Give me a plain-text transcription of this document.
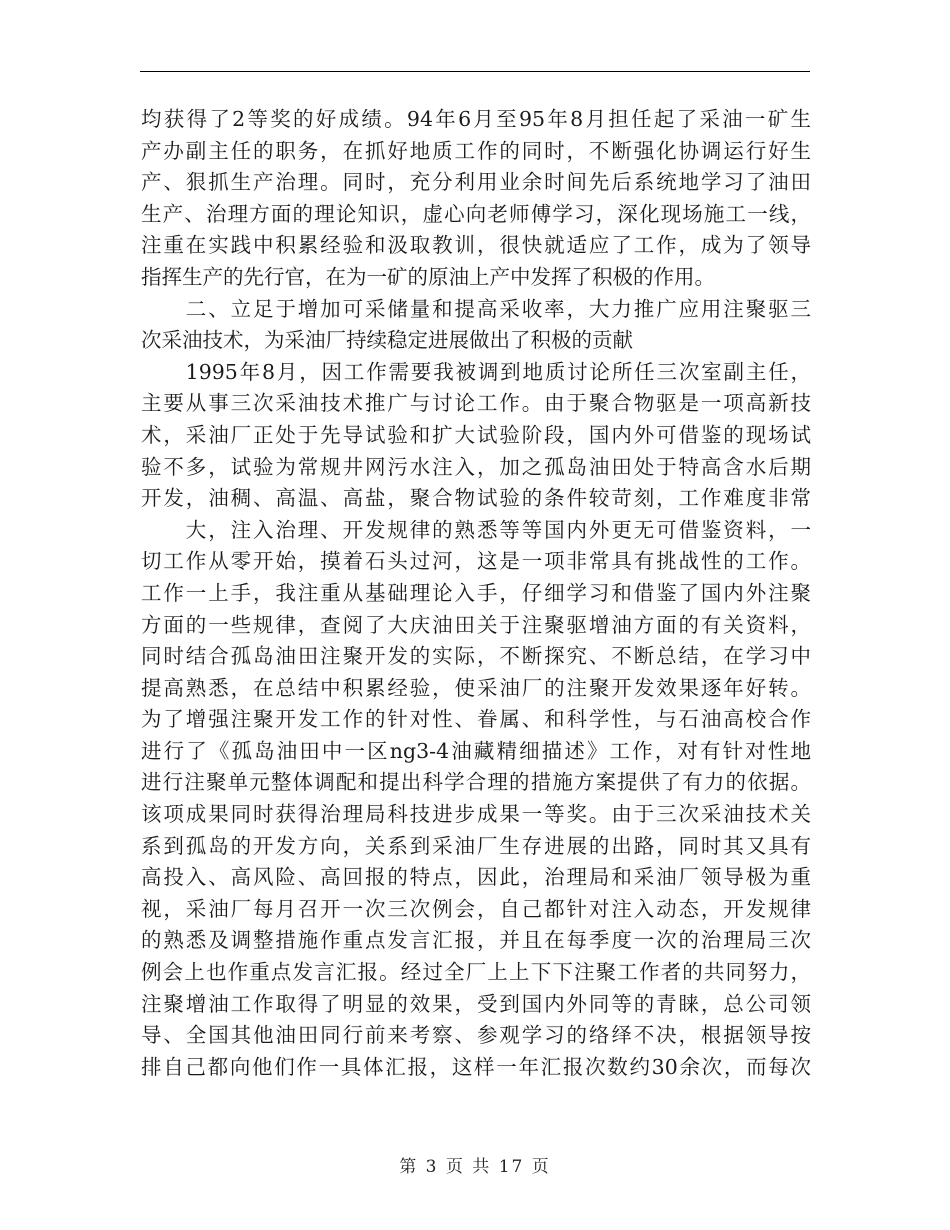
均获得了2等奖的好成绩。94年6月至95年8月担任起了采油一矿生
产办副主任的职务，在抓好地质工作的同时，不断强化协调运行好生
产、狠抓生产治理。同时，充分利用业余时间先后系统地学习了油田
生产、治理方面的理论知识，虚心向老师傅学习，深化现场施工一线，
注重在实践中积累经验和汲取教训，很快就适应了工作，成为了领导
指挥生产的先行官，在为一矿的原油上产中发挥了积极的作用。
　　二、立足于增加可采储量和提高采收率，大力推广应用注聚驱三
次采油技术，为采油厂持续稳定进展做出了积极的贡献
　　1995年8月，因工作需要我被调到地质讨论所任三次室副主任，
主要从事三次采油技术推广与讨论工作。由于聚合物驱是一项高新技
术，采油厂正处于先导试验和扩大试验阶段，国内外可借鉴的现场试
验不多，试验为常规井网污水注入，加之孤岛油田处于特高含水后期
开发，油稠、高温、高盐，聚合物试验的条件较苛刻，工作难度非常
　　大，注入治理、开发规律的熟悉等等国内外更无可借鉴资料，一
切工作从零开始，摸着石头过河，这是一项非常具有挑战性的工作。
工作一上手，我注重从基础理论入手，仔细学习和借鉴了国内外注聚
方面的一些规律，查阅了大庆油田关于注聚驱增油方面的有关资料，
同时结合孤岛油田注聚开发的实际，不断探究、不断总结，在学习中
提高熟悉，在总结中积累经验，使采油厂的注聚开发效果逐年好转。
为了增强注聚开发工作的针对性、眷属、和科学性，与石油高校合作
进行了《孤岛油田中一区ng3-4油藏精细描述》工作，对有针对性地
进行注聚单元整体调配和提出科学合理的措施方案提供了有力的依据。
该项成果同时获得治理局科技进步成果一等奖。由于三次采油技术关
系到孤岛的开发方向，关系到采油厂生存进展的出路，同时其又具有
高投入、高风险、高回报的特点，因此，治理局和采油厂领导极为重
视，采油厂每月召开一次三次例会，自己都针对注入动态，开发规律
的熟悉及调整措施作重点发言汇报，并且在每季度一次的治理局三次
例会上也作重点发言汇报。经过全厂上上下下注聚工作者的共同努力，
注聚增油工作取得了明显的效果，受到国内外同等的青睐，总公司领
导、全国其他油田同行前来考察、参观学习的络绎不决，根据领导按
排自己都向他们作一具体汇报，这样一年汇报次数约30余次，而每次
第 3 页 共 17 页
